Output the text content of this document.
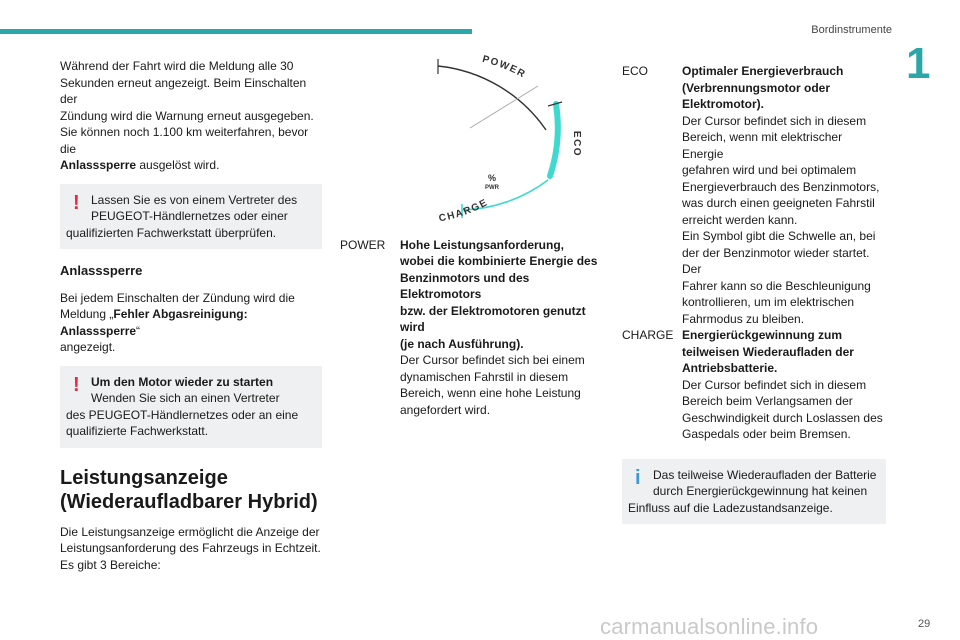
Bordinstrumente
1

Während der Fahrt wird die Meldung alle 30
Sekunden erneut angezeigt. Beim Einschalten der
Zündung wird die Warnung erneut ausgegeben.
Sie können noch 1.100 km weiterfahren, bevor die
Anlasssperre ausgelöst wird.

! Lassen Sie es von einem Vertreter des
PEUGEOT-Händlernetzes oder einer
qualifizierten Fachwerkstatt überprüfen.
Anlasssperre

Bei jedem Einschalten der Zündung wird die
Meldung „Fehler Abgasreinigung: Anlasssperre“
angezeigt.

! Um den Motor wieder zu starten
Wenden Sie sich an einen Vertreter
des PEUGEOT-Händlernetzes oder an eine
qualifizierte Fachwerkstatt.
Leistungsanzeige
(Wiederaufladbarer Hybrid)

Die Leistungsanzeige ermöglicht die Anzeige der
Leistungsanforderung des Fahrzeugs in Echtzeit.
Es gibt 3 Bereiche:

POWER
ECO
CHARGE
%
PWR
POWER	Hohe Leistungsanforderung,
wobei die kombinierte Energie des
Benzinmotors und des Elektromotors
bzw. der Elektromotoren genutzt wird
(je nach Ausführung).
Der Cursor befindet sich bei einem
dynamischen Fahrstil in diesem
Bereich, wenn eine hohe Leistung
angefordert wird.
ECO	Optimaler Energieverbrauch
(Verbrennungsmotor oder
Elektromotor).
Der Cursor befindet sich in diesem
Bereich, wenn mit elektrischer Energie
gefahren wird und bei optimalem
Energieverbrauch des Benzinmotors,
was durch einen geeigneten Fahrstil
erreicht werden kann.
Ein Symbol gibt die Schwelle an, bei
der der Benzinmotor wieder startet. Der
Fahrer kann so die Beschleunigung
kontrollieren, um im elektrischen
Fahrmodus zu bleiben.
CHARGE Energierückgewinnung zum
teilweisen Wiederaufladen der
Antriebsbatterie.
Der Cursor befindet sich in diesem
Bereich beim Verlangsamen der
Geschwindigkeit durch Loslassen des
Gaspedals oder beim Bremsen.
i	Das teilweise Wiederaufladen der Batterie
durch Energierückgewinnung hat keinen
Einfluss auf die Ladezustandsanzeige.
carmanualsonline.info	29
